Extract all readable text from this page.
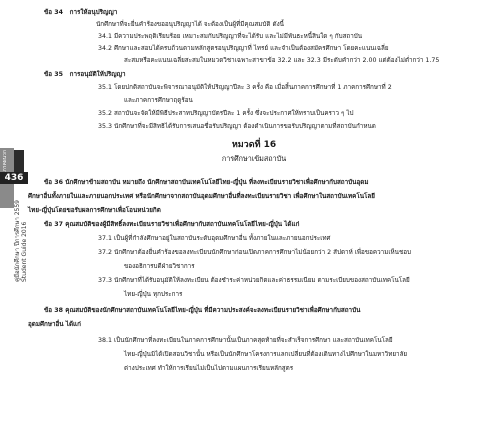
ภาคผนวก
436
คู่มือนักศึกษา ปีการศึกษา 2559 Student Guide 2016
ข้อ 34 การให้อนุปริญญา
นักศึกษาที่จะยื่นคำร้องขออนุปริญญาได้ จะต้องเป็นผู้ที่มีคุณสมบัติ ดังนี้
34.1 มีความประพฤติเรียบร้อย เหมาะสมกับปริญญาที่จะได้รับ และไม่มีพันธะหนี้สินใด ๆ กับสถาบัน
34.2 ศึกษาและสอบได้ครบถ้วนตามหลักสูตรอนุปริญญาที่ ไทรย์ และจำเป็นต้องสมัครศึกษา โดยคะแนนเฉลี่ย
สะสมหรือคะแนนเฉลี่ยสะสมในหมวดวิชาเฉพาะสาขาข้อ 32.2 และ 32.3 มีระดับคำกว่า 2.00 แต่ต้องไม่ต่ำกว่า 1.75
ข้อ 35 การอนุมัติให้ปริญญา
35.1 โดยปกติสถาบันจะพิจารณาอนุมัติให้ปริญญาปีละ 3 ครั้ง คือ เมื่อสิ้นภาคการศึกษาที่ 1 ภาคการศึกษาที่ 2
และภาคการศึกษาฤดูร้อน
35.2 สถาบันจะจัดให้มีพิธีประสาทปริญญาบัตรปีละ 1 ครั้ง ซึ่งจะประกาศให้ทราบเป็นคราว ๆ ไป
35.3 นักศึกษาที่จะมีสิทธิได้รับการเสนอชื่อรับปริญญา ต้องดำเนินการขอรับปริญญาตามที่สถาบันกำหนด
หมวดที่ 16
การศึกษาเข้มสถาบัน
ข้อ 36 นักศึกษาข้ามสถาบัน หมายถึง นักศึกษาสถาบันเทคโนโลยีไทย-ญี่ปุ่น ที่ลงทะเบียนรายวิชาเพื่อศึกษากับสถาบันอุดม
ศึกษาอื่นทั้งภายในและภายนอกประเทศ หรือนักศึกษาจากสถาบันอุดมศึกษาอื่นที่ลงทะเบียนรายวิชา เพื่อศึกษาในสถาบันเทคโนโลยี
ไทย-ญี่ปุ่นโดยขอรับผลการศึกษาเพื่อโอนหน่วยกิต
ข้อ 37 คุณสมบัติของผู้มีสิทธิ์ลงทะเบียนรายวิชาเพื่อศึกษากับสถาบันเทคโนโลยีไทย-ญี่ปุ่น ได้แก่
37.1 เป็นผู้ที่กำลังศึกษาอยู่ในสถาบันระดับอุดมศึกษาอื่น ทั้งภายในและภายนอกประเทศ
37.2 นักศึกษาต้องยื่นคำร้องขอลงทะเบียนนักศึกษาก่อนเปิดภาคการศึกษาไม่น้อยกว่า 2 สัปดาห์ เพื่อขอความเห็นชอบ
ของอธิการบดีฝ่ายวิชาการ
37.3 นักศึกษาที่ได้รับอนุมัติให้ลงทะเบียน ต้องชำระค่าหน่วยกิตและค่าธรรมเนียม ตามระเบียบของสถาบันเทคโนโลยี
ไทย-ญี่ปุ่น ทุกประการ
ข้อ 38 คุณสมบัติของนักศึกษาสถาบันเทคโนโลยีไทย-ญี่ปุ่น ที่มีความประสงค์จะลงทะเบียนรายวิชาเพื่อศึกษากับสถาบัน
อุดมศึกษาอื่น ได้แก่
38.1 เป็นนักศึกษาที่ลงทะเบียนในภาคการศึกษานั้นเป็นภาคสุดท้ายที่จะสำเร็จการศึกษา และสถาบันเทคโนโลยี
ไทย-ญี่ปุ่นมิได้เปิดสอนวิชานั้น หรือเป็นนักศึกษาโครงการแลกเปลี่ยนที่ต้องเดินทางไปศึกษาในมหาวิทยาลัย
ต่างประเทศ ทำให้การเรียนไม่เป็นไปตามแผนการเรียนหลักสูตร
